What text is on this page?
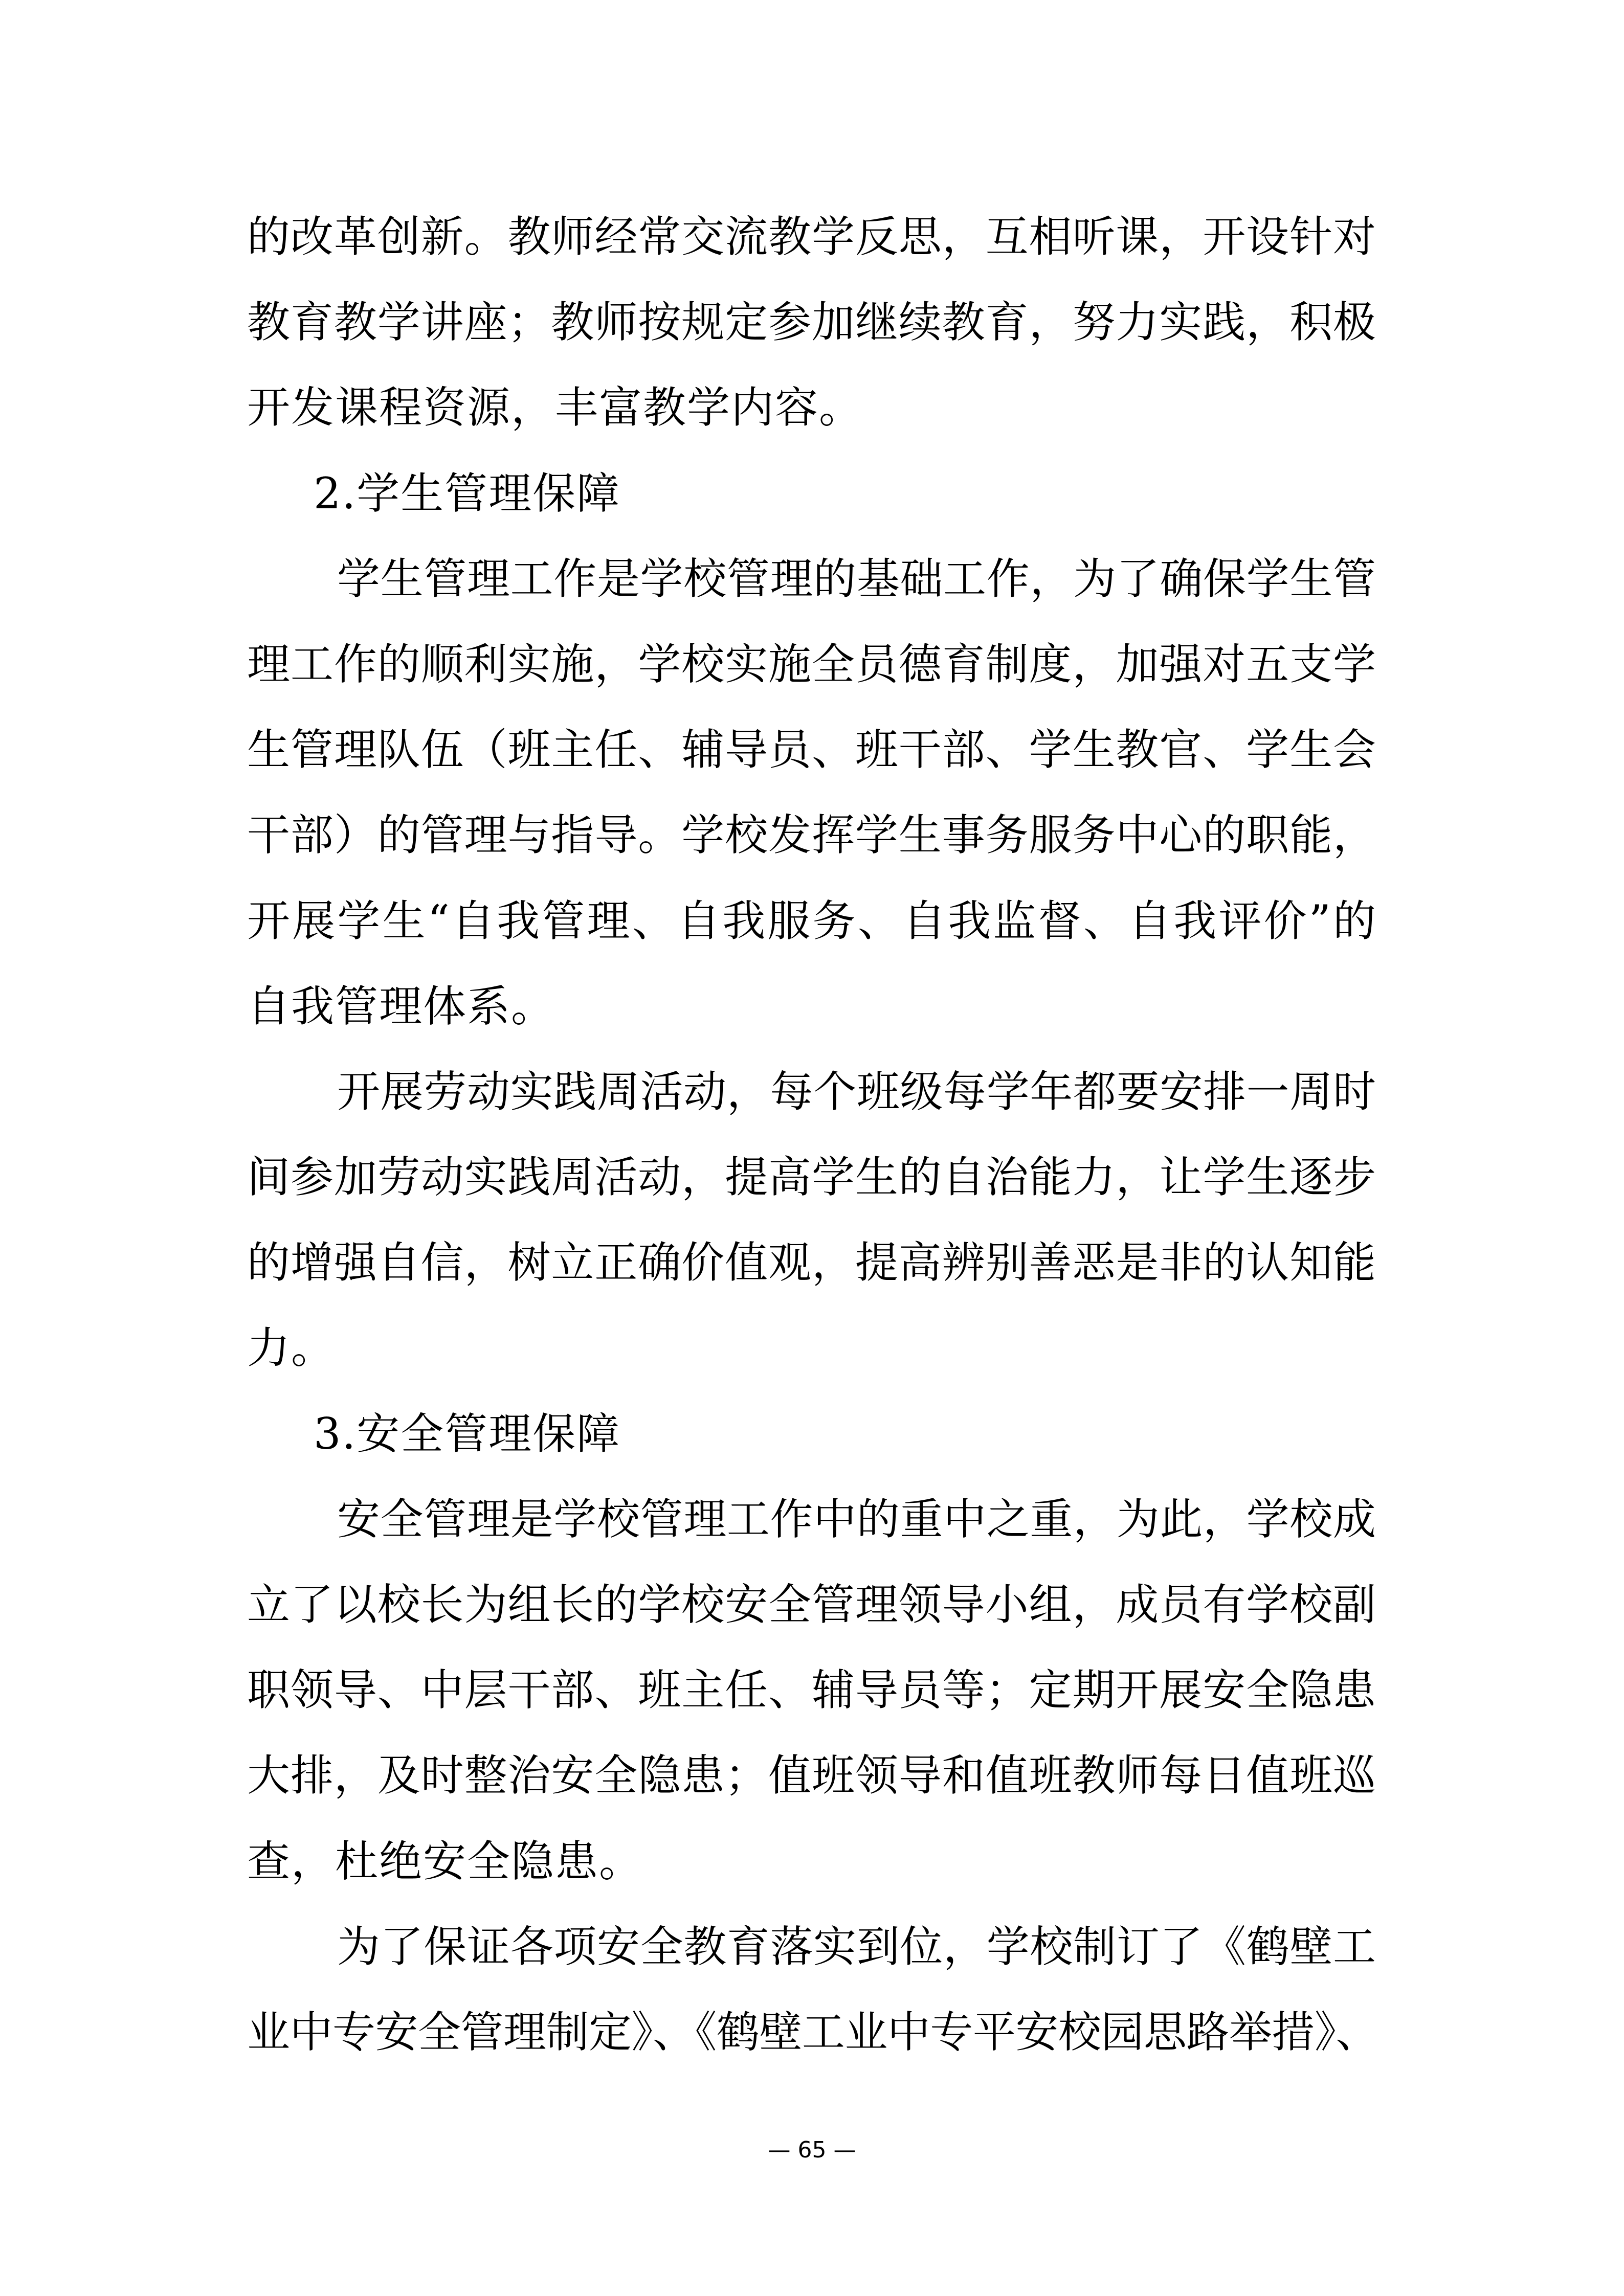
的改革创新。教师经常交流教学反思，互相听课，开设针对
教育教学讲座；教师按规定参加继续教育，努力实践，积极
开发课程资源，丰富教学内容。
2.学生管理保障
学生管理工作是学校管理的基础工作，为了确保学生管
理工作的顺利实施，学校实施全员德育制度，加强对五支学
生管理队伍（班主任、辅导员、班干部、学生教官、学生会
干部）的管理与指导。学校发挥学生事务服务中心的职能，
开展学生“自我管理、自我服务、自我监督、自我评价”的
自我管理体系。
开展劳动实践周活动，每个班级每学年都要安排一周时
间参加劳动实践周活动，提高学生的自治能力，让学生逐步
的增强自信，树立正确价值观，提高辨别善恶是非的认知能
力。
3.安全管理保障
安全管理是学校管理工作中的重中之重，为此，学校成
立了以校长为组长的学校安全管理领导小组，成员有学校副
职领导、中层干部、班主任、辅导员等；定期开展安全隐患
大排，及时整治安全隐患；值班领导和值班教师每日值班巡
查，杜绝安全隐患。
为了保证各项安全教育落实到位，学校制订了《鹤壁工
业中专安全管理制定》、《鹤壁工业中专平安校园思路举措》、
— 65 —
